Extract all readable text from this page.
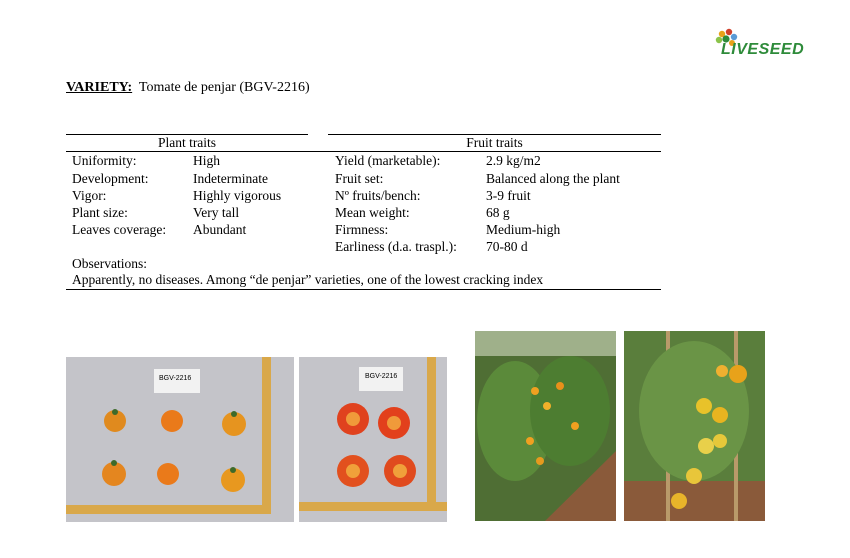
LIVESEED
VARIETY: Tomate de penjar (BGV-2216)
Plant traits	Fruit traits
Uniformity:	High
Development:	Indeterminate
Vigor:	Highly vigorous
Plant size:	Very tall
Leaves coverage: Abundant
Yield (marketable):	2.9 kg/m2
Fruit set:	Balanced along the plant
Nº fruits/bench:	3-9 fruit
Mean weight:	68 g
Firmness:	Medium-high
Earliness (d.a. traspl.): 70-80 d
Observations:
Apparently, no diseases. Among “de penjar” varieties, one of the lowest cracking index
BGV-2216	BGV-2216
